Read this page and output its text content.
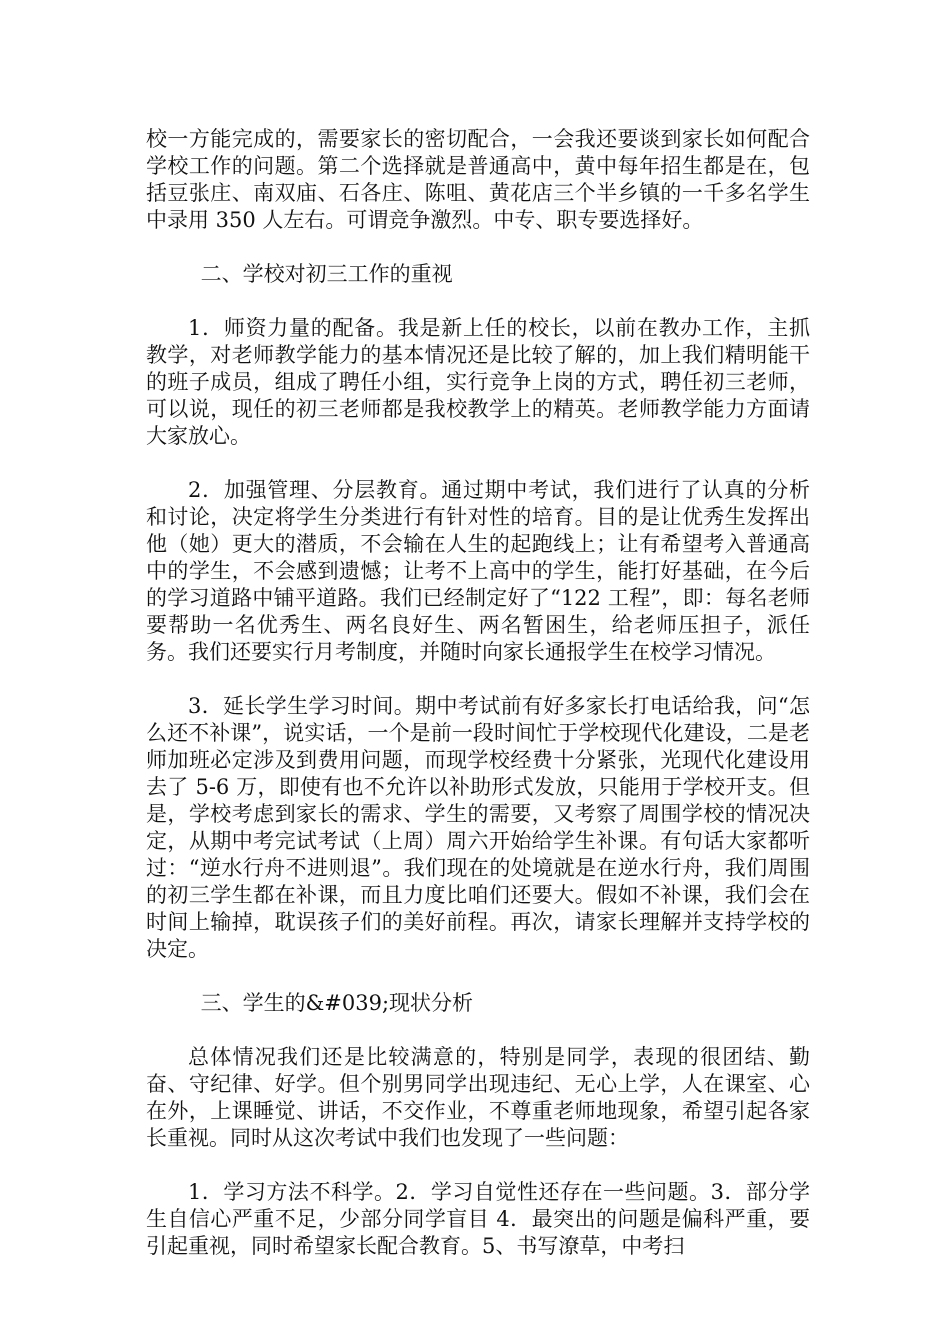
校一方能完成的，需要家长的密切配合，一会我还要谈到家长如何配合学校工作的问题。第二个选择就是普通高中，黄中每年招生都是在，包括豆张庄、南双庙、石各庄、陈咀、黄花店三个半乡镇的一千多名学生中录用 350 人左右。可谓竞争激烈。中专、职专要选择好。

二、学校对初三工作的重视

1．师资力量的配备。我是新上任的校长，以前在教办工作，主抓教学，对老师教学能力的基本情况还是比较了解的，加上我们精明能干的班子成员，组成了聘任小组，实行竞争上岗的方式，聘任初三老师，可以说，现任的初三老师都是我校教学上的精英。老师教学能力方面请大家放心。

2．加强管理、分层教育。通过期中考试，我们进行了认真的分析和讨论，决定将学生分类进行有针对性的培育。目的是让优秀生发挥出他（她）更大的潜质，不会输在人生的起跑线上；让有希望考入普通高中的学生，不会感到遗憾；让考不上高中的学生，能打好基础，在今后的学习道路中铺平道路。我们已经制定好了“122 工程”，即：每名老师要帮助一名优秀生、两名良好生、两名暂困生，给老师压担子，派任务。我们还要实行月考制度，并随时向家长通报学生在校学习情况。

3．延长学生学习时间。期中考试前有好多家长打电话给我，问“怎么还不补课”，说实话，一个是前一段时间忙于学校现代化建设，二是老师加班必定涉及到费用问题，而现学校经费十分紧张，光现代化建设用去了 5-6 万，即使有也不允许以补助形式发放，只能用于学校开支。但是，学校考虑到家长的需求、学生的需要，又考察了周围学校的情况决定，从期中考完试考试（上周）周六开始给学生补课。有句话大家都听过：“逆水行舟不进则退”。我们现在的处境就是在逆水行舟，我们周围的初三学生都在补课，而且力度比咱们还要大。假如不补课，我们会在时间上输掉，耽误孩子们的美好前程。再次，请家长理解并支持学校的决定。

三、学生的&#039;现状分析

总体情况我们还是比较满意的，特别是同学，表现的很团结、勤奋、守纪律、好学。但个别男同学出现违纪、无心上学，人在课室、心在外，上课睡觉、讲话，不交作业，不尊重老师地现象，希望引起各家长重视。同时从这次考试中我们也发现了一些问题：

1．学习方法不科学。2．学习自觉性还存在一些问题。3．部分学生自信心严重不足，少部分同学盲目 4．最突出的问题是偏科严重，要引起重视，同时希望家长配合教育。5、书写潦草，中考扫
